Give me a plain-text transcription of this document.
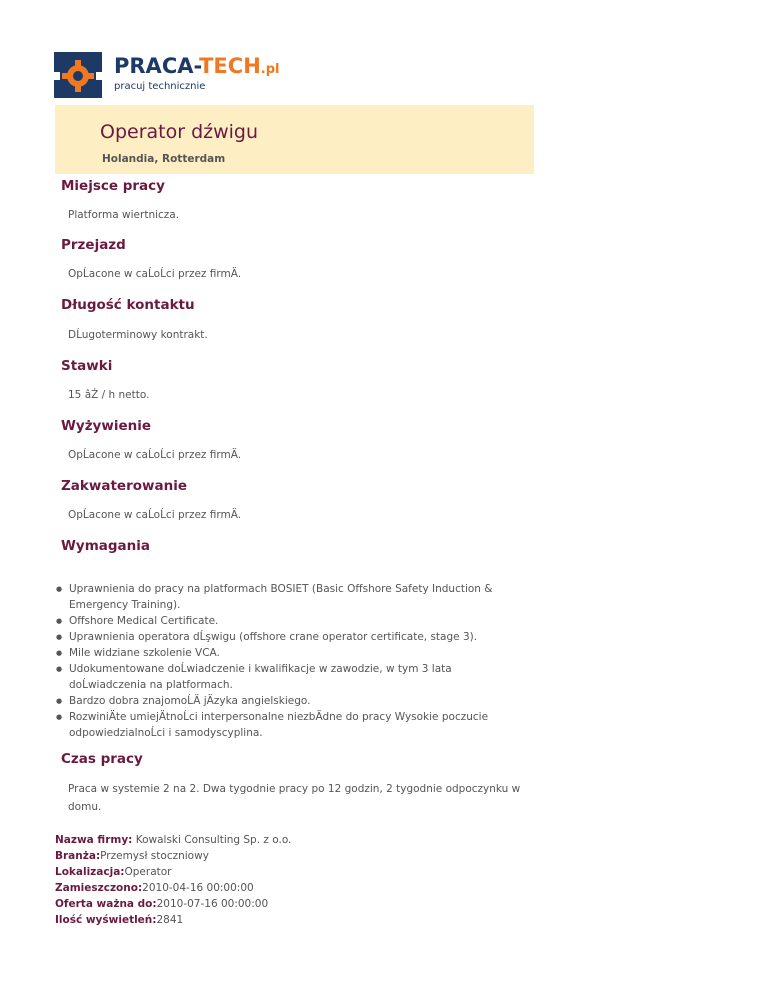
PRACA-TECH.pl
pracuj technicznie
Operator dźwigu
Holandia, Rotterdam
Miejsce pracy
Platforma wiertnicza.
Przejazd
OpĹacone w caĹoĹci przez firmÄ.
Długość kontaktu
DĹugoterminowy kontrakt.
Stawki
15 âŹ / h netto.
Wyżywienie
OpĹacone w caĹoĹci przez firmÄ.
Zakwaterowanie
OpĹacone w caĹoĹci przez firmÄ.
Wymagania
● Uprawnienia do pracy na platformach BOSIET (Basic Offshore Safety Induction & Emergency Training).
● Offshore Medical Certificate.
● Uprawnienia operatora dĹşwigu (offshore crane operator certificate, stage 3).
● Mile widziane szkolenie VCA.
● Udokumentowane doĹwiadczenie i kwalifikacje w zawodzie, w tym 3 lata doĹwiadczenia na platformach.
● Bardzo dobra znajomoĹÄ jÄzyka angielskiego.
● RozwiniÄte umiejÄtnoĹci interpersonalne niezbÄdne do pracy Wysokie poczucie odpowiedzialnoĹci i samodyscyplina.
Czas pracy
Praca w systemie 2 na 2. Dwa tygodnie pracy po 12 godzin, 2 tygodnie odpoczynku w domu.
Nazwa firmy: Kowalski Consulting Sp. z o.o.
Branża:Przemysł stoczniowy
Lokalizacja:Operator
Zamieszczono:2010-04-16 00:00:00
Oferta ważna do:2010-07-16 00:00:00
Ilość wyświetleń:2841
